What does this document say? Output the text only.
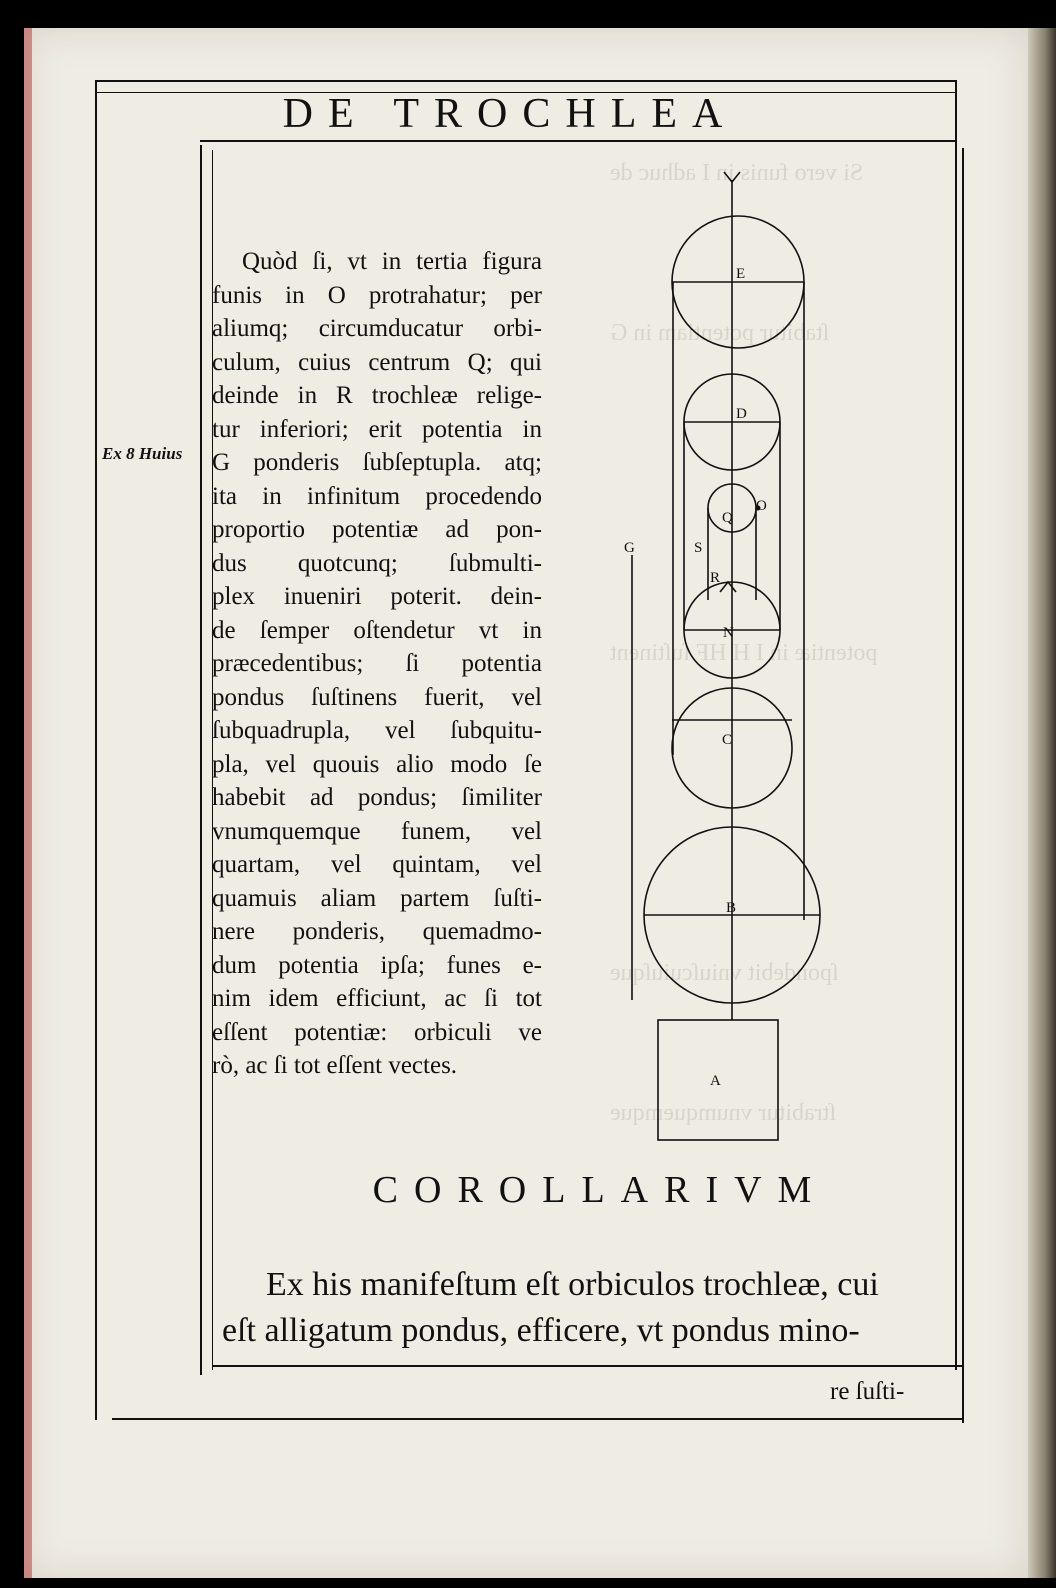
Si vero funis in I adhuc de
ſtabitur potentiam in G
potentiæ in I H HF ſuſtinent
ſpondebit vniuſcuiuſque
ſtrabitur vnumquemque
DE TROCHLEA
Ex 8 Huius
Quòd ſi, vt in tertia figura
funis in O protrahatur; per
aliumq; circumducatur orbi-
culum, cuius centrum Q; qui
deinde in R trochleæ relige-
tur inferiori; erit potentia in
G ponderis ſubſeptupla. atq;
ita in infinitum procedendo
proportio potentiæ ad pon-
dus quotcunq; ſubmulti-
plex inueniri poterit. dein-
de ſemper oſtendetur vt in
præcedentibus; ſi potentia
pondus ſuſtinens fuerit, vel
ſubquadrupla, vel ſubquitu-
pla, vel quouis alio modo ſe
habebit ad pondus; ſimiliter
vnumquemque funem, vel
quartam, vel quintam, vel
quamuis aliam partem ſuſti-
nere ponderis, quemadmo-
dum potentia ipſa; funes e-
nim idem efficiunt, ac ſi tot
eſſent potentiæ: orbiculi ve
rò, ac ſi tot eſſent vectes.
E
D
Q
O
S
R
N
C
B
A
G
COROLLARIVM
Ex his manifeſtum eſt orbiculos trochleæ, cui
eſt alligatum pondus, efficere, vt pondus mino-
re ſuſti-
